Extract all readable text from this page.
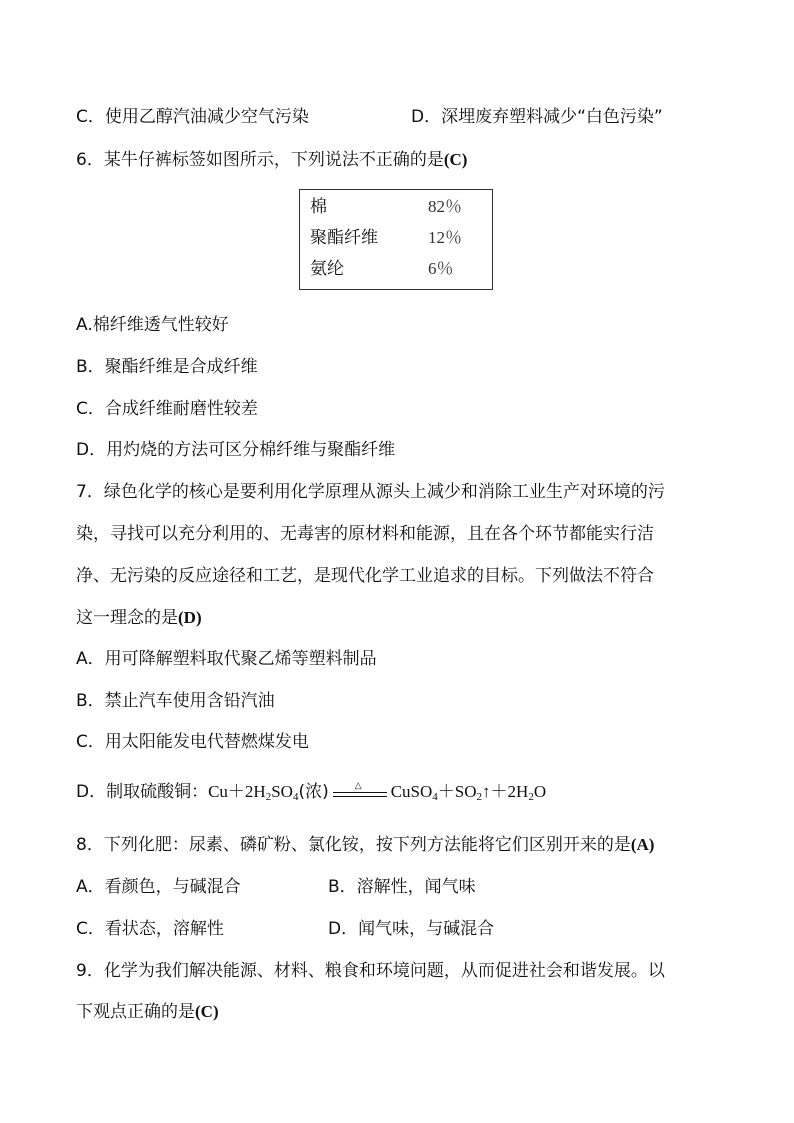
C．使用乙醇汽油减少空气污染	D．深埋废弃塑料减少“白色污染”
6．某牛仔裤标签如图所示，下列说法不正确的是(C)
棉	82％
聚酯纤维	12％
氨纶	6％
A.棉纤维透气性较好
B．聚酯纤维是合成纤维
C．合成纤维耐磨性较差
D．用灼烧的方法可区分棉纤维与聚酯纤维
7．绿色化学的核心是要利用化学原理从源头上减少和消除工业生产对环境的污
染，寻找可以充分利用的、无毒害的原材料和能源，且在各个环节都能实行洁
净、无污染的反应途径和工艺，是现代化学工业追求的目标。下列做法不符合
这一理念的是(D)
A．用可降解塑料取代聚乙烯等塑料制品
B．禁止汽车使用含铅汽油
C．用太阳能发电代替燃煤发电
D．制取硫酸铜：$Cu+2H_2SO_4$(浓)	△ $CuSO_4+SO_2↑+2H_2O$
8．下列化肥：尿素、磷矿粉、氯化铵，按下列方法能将它们区别开来的是(A)
A．看颜色，与碱混合	B．溶解性，闻气味
C．看状态，溶解性	D．闻气味，与碱混合
9．化学为我们解决能源、材料、粮食和环境问题，从而促进社会和谐发展。以
下观点正确的是(C)
